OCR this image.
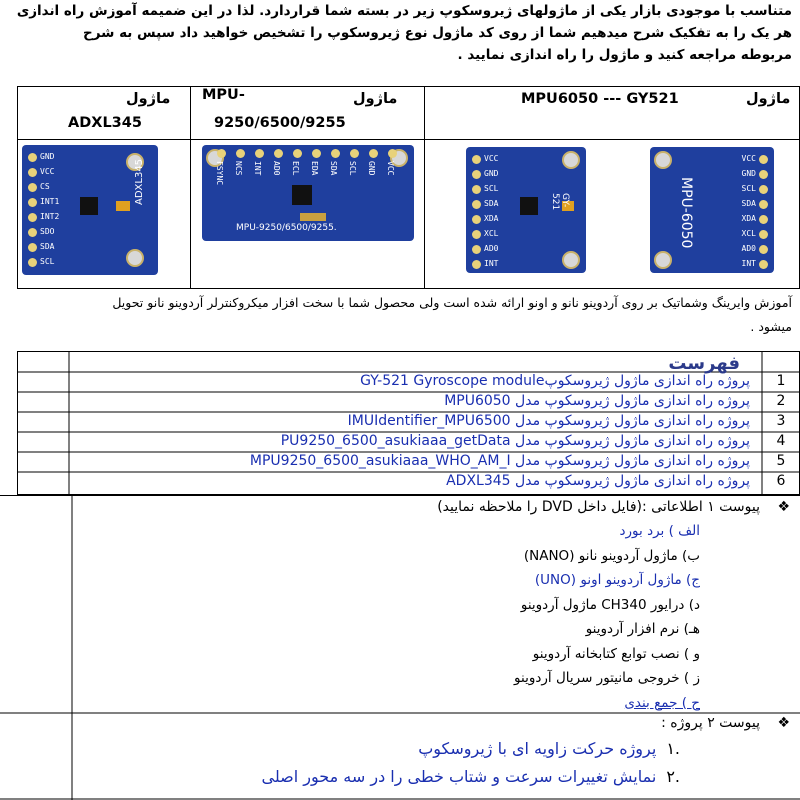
متناسب با موجودی بازار یکی از ماژولهای ژیروسکوپ زیر در بسته شما قراردارد. لذا در این ضمیمه آموزش راه اندازی
هر یک را به تفکیک شرح میدهیم شما از روی کد ماژول نوع ژیروسکوپ را تشخیص خواهید داد سپس به شرح
مربوطه مراجعه کنید و ماژول را راه اندازی نمایید .
ماژول
ADXL345
ماژول
MPU-
9250/6500/9255
ماژول
MPU6050 --- GY521
ADXL345
GND
VCC
CS
INT1
INT2
SDO
SDA
SCL
MPU-9250/6500/9255.
VCC
GND
SCL
SDA
EDA
ECL
AD0
INT
NCS
FSYNC
GY-521
VCC
GND
SCL
SDA
XDA
XCL
AD0
INT
MPU-6050
VCC
GND
SCL
SDA
XDA
XCL
AD0
INT
آموزش وایرینگ وشماتیک بر روی آردوینو نانو و اونو ارائه شده است ولی محصول شما با سخت افزار میکروکنترلر آردوینو نانو تحویل
میشود .
فهرست
1
پروژه راه اندازی ماژول ژیروسکوپGY-521 Gyroscope module
2
پروژه راه اندازی ماژول ژیروسکوپ مدل MPU6050
3
پروژه راه اندازی ماژول ژیروسکوپ مدل IMUIdentifier_MPU6500
4
پروژه راه اندازی ماژول ژیروسکوپ مدل PU9250_6500_asukiaaa_getData
5
پروژه راه اندازی ماژول ژیروسکوپ مدل MPU9250_6500_asukiaaa_WHO_AM_I
6
پروژه راه اندازی ماژول ژیروسکوپ مدل ADXL345
❖
پیوست ۱ اطلاعاتی :(فایل داخل DVD را ملاحظه نمایید)
الف ) برد بورد
ب) ماژول آردوینو نانو (NANO)
ج) ماژول آردوینو اونو (UNO)
د) درایور CH340 ماژول آردوینو
هـ) نرم افزار آردوینو
و ) نصب توابع کتابخانه آردوینو
ز ) خروجی مانیتور سریال آردوینو
ح ) جمع بندی
❖
پیوست ۲ پروژه :
.۱پروژه حرکت زاویه ای با ژیروسکوپ
.۲نمایش تغییرات سرعت و شتاب خطی را در سه محور اصلی
